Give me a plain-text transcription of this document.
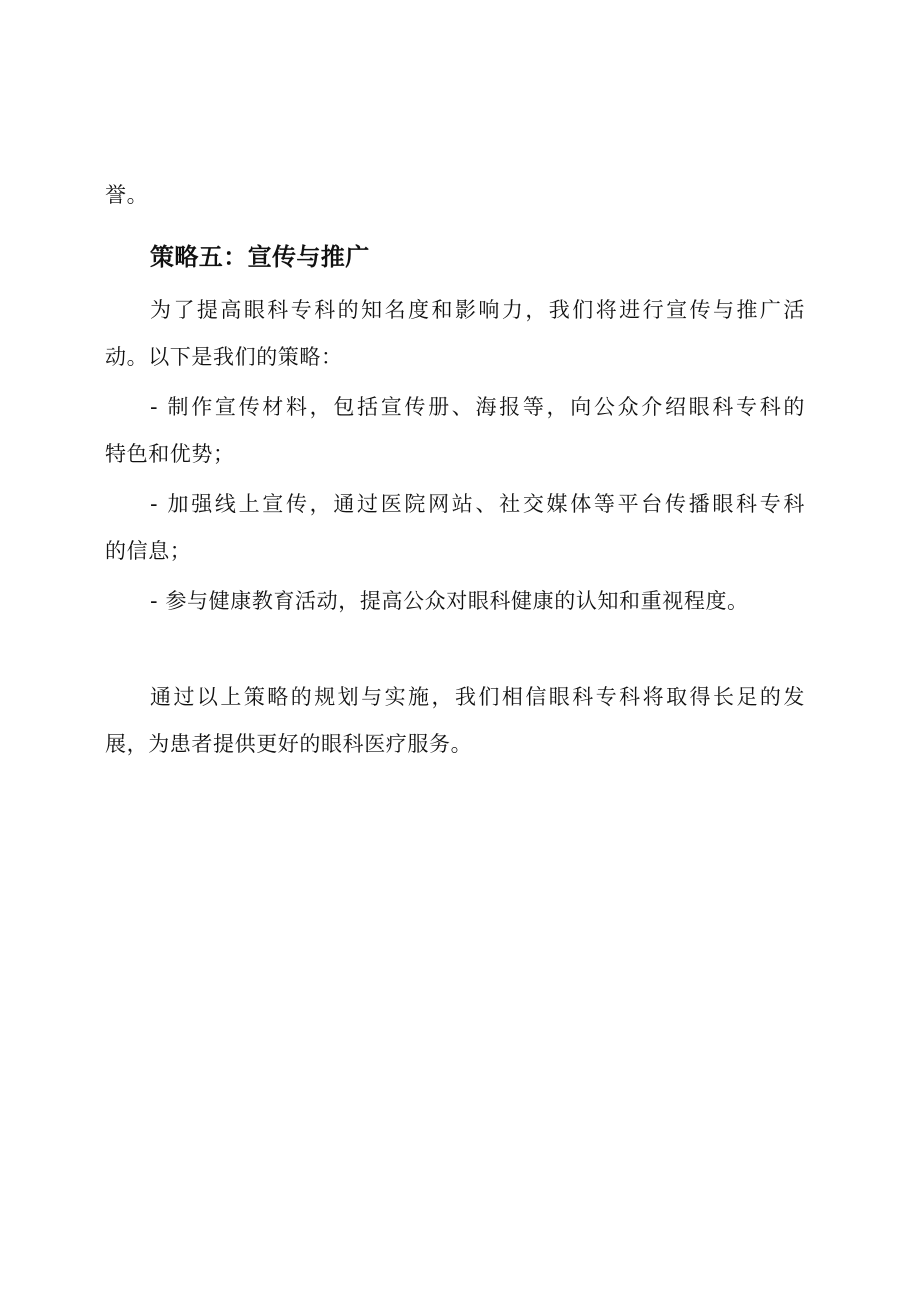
誉。
策略五：宣传与推广
为了提高眼科专科的知名度和影响力，我们将进行宣传与推广活
动。以下是我们的策略：
- 制作宣传材料，包括宣传册、海报等，向公众介绍眼科专科的
特色和优势；
- 加强线上宣传，通过医院网站、社交媒体等平台传播眼科专科
的信息；
- 参与健康教育活动，提高公众对眼科健康的认知和重视程度。
通过以上策略的规划与实施，我们相信眼科专科将取得长足的发
展，为患者提供更好的眼科医疗服务。
